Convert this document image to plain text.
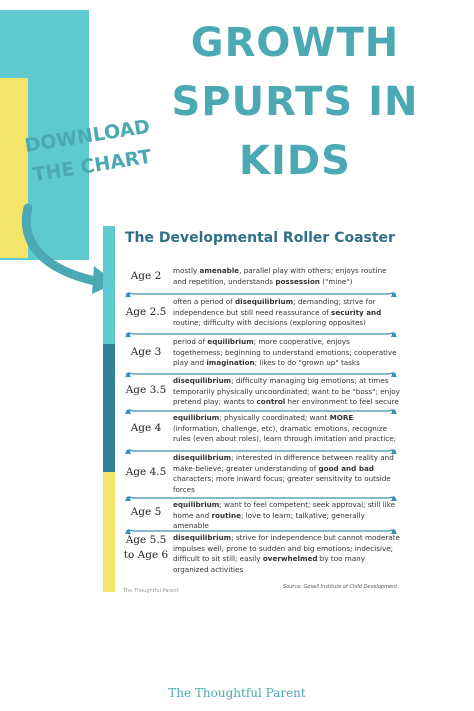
GROWTH
SPURTS IN
KIDS
DOWNLOAD
THE CHART
The Developmental Roller Coaster
Age 2	mostly amenable, parallel play with others; enjoys routine and repetition, understands possession ("mine")
Age 2.5
often a period of disequilibrium; demanding; strive for independence but still need reassurance of security and routine; difficulty with decisions (exploring opposites)
Age 3
period of equilibrium; more cooperative, enjoys togetherness; beginning to understand emotions; cooperative play and imagination; likes to do "grown up" tasks
Age 3.5
disequilibrium; difficulty managing big emotions; at times temporarily physically uncoordinated; want to be "boss"; enjoy pretend play; wants to control her environment to feel secure
Age 4
equilibrium; physically coordinated; want MORE (information, challenge, etc), dramatic emotions, recognize rules (even about roles), learn through imitation and practice;
Age 4.5
disequilibrium; interested in difference between reality and make-believe; greater understanding of good and bad characters; more inward focus; greater sensitivity to outside forces
Age 5
equilibrium; want to feel competent; seek approval; still like home and routine; love to learn; talkative; generally amenable
Age 5.5 to Age 6
disequilibrium; strive for independence but cannot moderate impulses well; prone to sudden and big emotions; indecisive; difficult to sit still; easily overwhelmed by too many organized activities
The Thoughtful Parent
Source: Gesell Institute of Child Development
The Thoughtful Parent
